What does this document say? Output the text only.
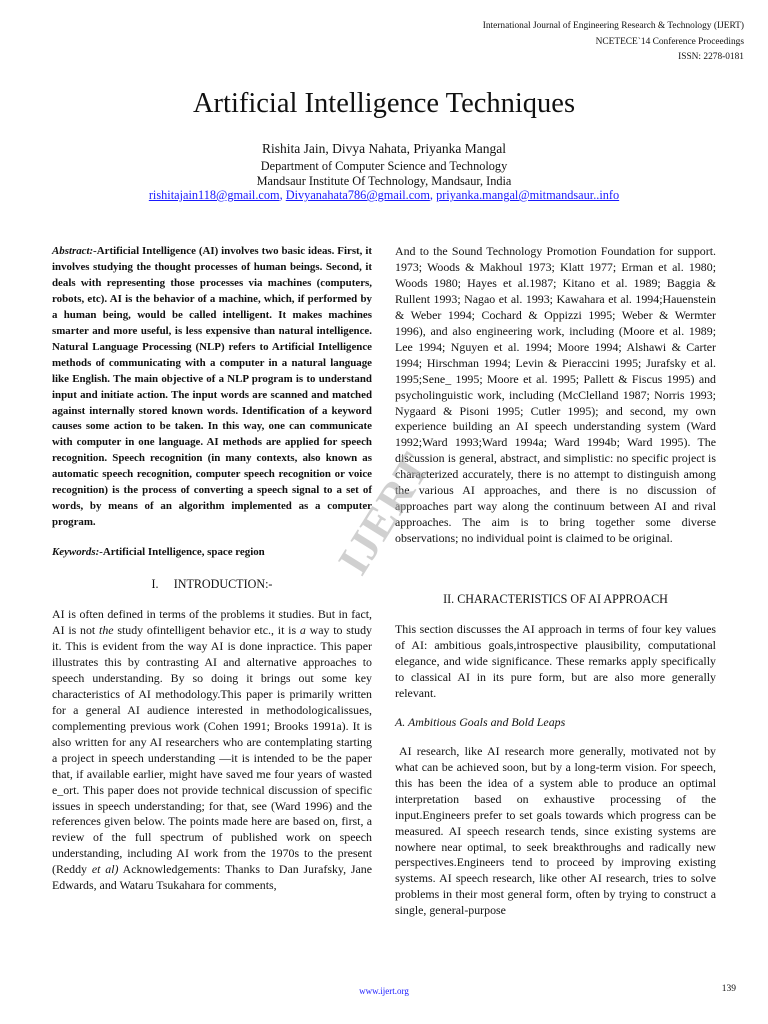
International Journal of Engineering Research & Technology (IJERT)
NCETECE`14 Conference Proceedings
ISSN: 2278-0181
Artificial Intelligence Techniques
Rishita Jain, Divya Nahata, Priyanka Mangal
Department of Computer Science and Technology
Mandsaur Institute Of Technology, Mandsaur, India
rishitajain118@gmail.com, Divyanahata786@gmail.com, priyanka.mangal@mitmandsaur..info

Abstract:-Artificial Intelligence (AI) involves two basic ideas. First, it involves studying the thought processes of human beings. Second, it deals with representing those processes via machines (computers, robots, etc). AI is the behavior of a machine, which, if performed by a human being, would be called intelligent. It makes machines smarter and more useful, is less expensive than natural intelligence. Natural Language Processing (NLP) refers to Artificial Intelligence methods of communicating with a computer in a natural language like English. The main objective of a NLP program is to understand input and initiate action. The input words are scanned and matched against internally stored known words. Identification of a keyword causes some action to be taken. In this way, one can communicate with computer in one language. AI methods are applied for speech recognition. Speech recognition (in many contexts, also known as automatic speech recognition, computer speech recognition or voice recognition) is the process of converting a speech signal to a set of words, by means of an algorithm implemented as a computer program.

Keywords:-Artificial Intelligence, space region

I.     INTRODUCTION:-

AI is often defined in terms of the problems it studies. But in fact, AI is not the study ofintelligent behavior etc., it is a way to study it. This is evident from the way AI is done inpractice. This paper illustrates this by contrasting AI and alternative approaches to speech understanding. By so doing it brings out some key characteristics of AI methodology.This paper is primarily written for a general AI audience interested in methodologicalissues, complementing previous work (Cohen 1991; Brooks 1991a). It is also written for any AI researchers who are contemplating starting a project in speech understanding —it is intended to be the paper that, if available earlier, might have saved me four years of wasted e_ort. This paper does not provide technical discussion of specific issues in speech understanding; for that, see (Ward 1996) and the references given below. The points made here are based on, first, a review of the full spectrum of published work on speech understanding, including AI work from the 1970s to the present (Reddy et al) Acknowledgements: Thanks to Dan Jurafsky, Jane Edwards, and Wataru Tsukahara for comments,

And to the Sound Technology Promotion Foundation for support. 1973; Woods & Makhoul 1973; Klatt 1977; Erman et al. 1980; Woods 1980; Hayes et al.1987; Kitano et al. 1989; Baggia & Rullent 1993; Nagao et al. 1993; Kawahara et al. 1994;Hauenstein & Weber 1994; Cochard & Oppizzi 1995; Weber & Wermter 1996), and also engineering work, including (Moore et al. 1989; Lee 1994; Nguyen et al. 1994; Moore 1994; Alshawi & Carter 1994; Hirschman 1994; Levin & Pieraccini 1995; Jurafsky et al. 1995;Sene_ 1995; Moore et al. 1995; Pallett & Fiscus 1995) and psycholinguistic work, including (McClelland 1987; Norris 1993; Nygaard & Pisoni 1995; Cutler 1995); and second, my own experience building an AI speech understanding system (Ward 1992;Ward 1993;Ward 1994a; Ward 1994b; Ward 1995). The discussion is general, abstract, and simplistic: no specific project is characterized accurately, there is no attempt to distinguish among the various AI approaches, and there is no discussion of approaches part way along the continuum between AI and rival approaches. The aim is to bring together some diverse observations; no individual point is claimed to be original.

II. CHARACTERISTICS OF AI APPROACH

This section discusses the AI approach in terms of four key values of AI: ambitious goals,introspective plausibility, computational elegance, and wide significance. These remarks apply specifically to classical AI in its pure form, but are also more generally relevant.

A. Ambitious Goals and Bold Leaps

AI research, like AI research more generally, motivated not by what can be achieved soon, but by a long-term vision. For speech, this has been the idea of a system able to produce an optimal interpretation based on exhaustive processing of the input.Engineers prefer to set goals towards which progress can be measured. AI speech research tends, since existing systems are nowhere near optimal, to seek breakthroughs and radically new perspectives.Engineers tend to proceed by improving existing systems. AI speech research, like other AI research, tries to solve problems in their most general form, often by trying to construct a single, general-purpose

IJERT
www.ijert.org	139
